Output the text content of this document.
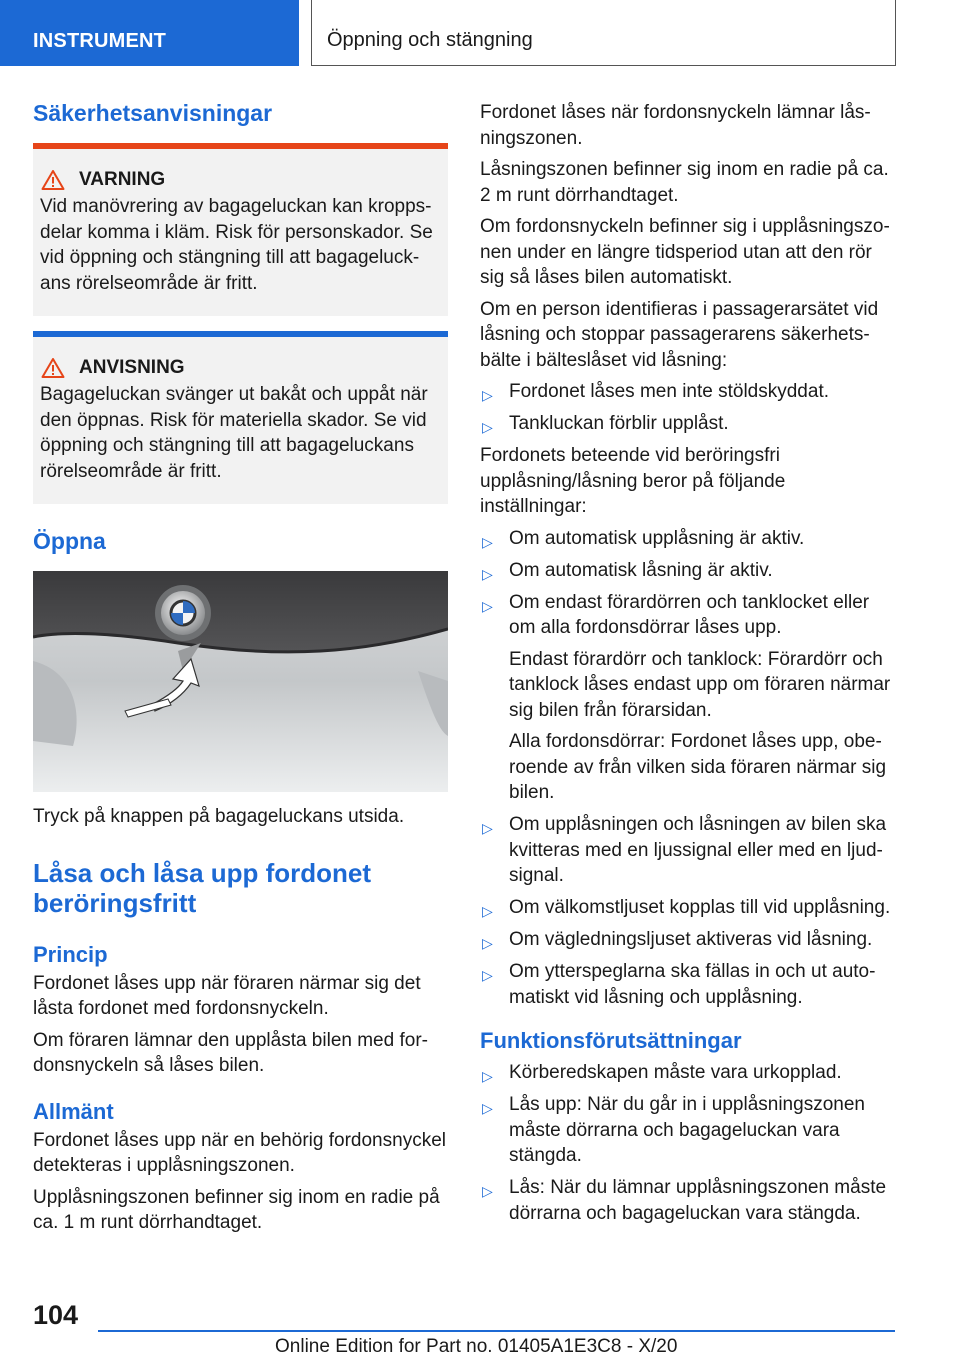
INSTRUMENT	Öppning och stängning
Säkerhetsanvisningar
VARNING

Vid manövrering av bagageluckan kan kroppsdelar komma i kläm. Risk för personskador. Se vid öppning och stängning till att bagageluckans rörelseområde är fritt.

ANVISNING

Bagageluckan svänger ut bakåt och uppåt när den öppnas. Risk för materiella skador. Se vid öppning och stängning till att bagageluckans rörelseområde är fritt.

Öppna

Tryck på knappen på bagageluckans utsida.

Låsa och låsa upp fordonet beröringsfritt
Princip

Fordonet låses upp när föraren närmar sig det låsta fordonet med fordonsnyckeln.

Om föraren lämnar den upplåsta bilen med fordonsnyckeln så låses bilen.

Allmänt

Fordonet låses upp när en behörig fordonsnyckel detekteras i upplåsningszonen.

Upplåsningszonen befinner sig inom en radie på ca. 1 m runt dörrhandtaget.

Fordonet låses när fordonsnyckeln lämnar låsningszonen.

Låsningszonen befinner sig inom en radie på ca. 2 m runt dörrhandtaget.

Om fordonsnyckeln befinner sig i upplåsningszonen under en längre tidsperiod utan att den rör sig så låses bilen automatiskt.

Om en person identifieras i passagerarsätet vid låsning och stoppar passagerarens säkerhetsbälte i bälteslåset vid låsning:

▷ Fordonet låses men inte stöldskyddat.
▷ Tankluckan förblir upplåst.

Fordonets beteende vid beröringsfri upplåsning/låsning beror på följande inställningar:

▷ Om automatisk upplåsning är aktiv.
▷ Om automatisk låsning är aktiv.
▷ Om endast förardörren och tanklocket eller om alla fordonsdörrar låses upp.

Endast förardörr och tanklock: Förardörr och tanklock låses endast upp om föraren närmar sig bilen från förarsidan.

Alla fordonsdörrar: Fordonet låses upp, oberoende av från vilken sida föraren närmar sig bilen.

▷ Om upplåsningen och låsningen av bilen ska kvitteras med en ljussignal eller med en ljudsignal.
▷ Om välkomstljuset kopplas till vid upplåsning.
▷ Om vägledningsljuset aktiveras vid låsning.
▷ Om ytterspeglarna ska fällas in och ut automatiskt vid låsning och upplåsning.
Funktionsförutsättningar
▷ Körberedskapen måste vara urkopplad.
▷ Lås upp: När du går in i upplåsningszonen måste dörrarna och bagageluckan vara stängda.
▷ Lås: När du lämnar upplåsningszonen måste dörrarna och bagageluckan vara stängda.
104
Online Edition for Part no. 01405A1E3C8 - X/20
